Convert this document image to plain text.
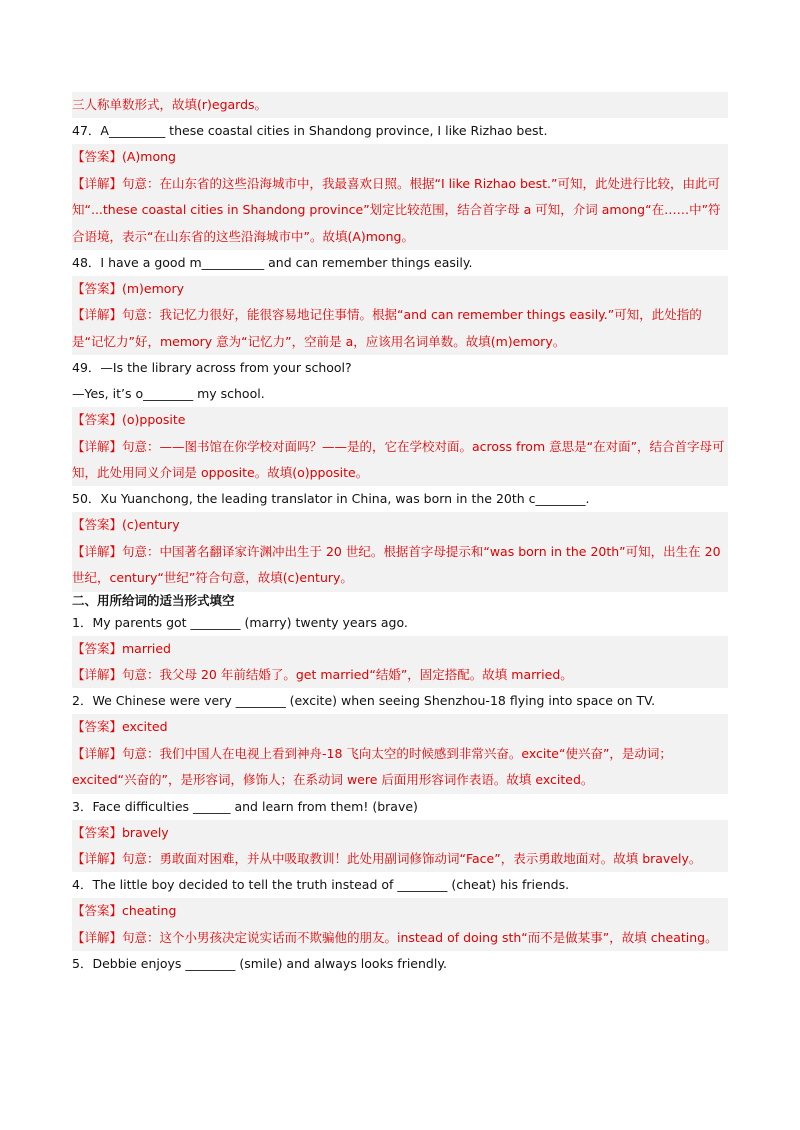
三人称单数形式，故填(r)egards。
47．A_________ these coastal cities in Shandong province, I like Rizhao best.
【答案】(A)mong
【详解】句意：在山东省的这些沿海城市中，我最喜欢日照。根据“I like Rizhao best.”可知，此处进行比较，由此可知“...these coastal cities in Shandong province”划定比较范围，结合首字母 a 可知，介词 among“在……中”符合语境，表示“在山东省的这些沿海城市中”。故填(A)mong。
48．I have a good m__________ and can remember things easily.
【答案】(m)emory
【详解】句意：我记忆力很好，能很容易地记住事情。根据“and can remember things easily.”可知，此处指的是“记忆力”好，memory 意为“记忆力”，空前是 a，应该用名词单数。故填(m)emory。
49．—Is the library across from your school?
—Yes, it’s o________ my school.
【答案】(o)pposite
【详解】句意：——图书馆在你学校对面吗？——是的，它在学校对面。across from 意思是“在对面”，结合首字母可知，此处用同义介词是 opposite。故填(o)pposite。
50．Xu Yuanchong, the leading translator in China, was born in the 20th c________.
【答案】(c)entury
【详解】句意：中国著名翻译家许渊冲出生于 20 世纪。根据首字母提示和“was born in the 20th”可知，出生在 20 世纪，century“世纪”符合句意，故填(c)entury。
二、用所给词的适当形式填空
1．My parents got ________ (marry) twenty years ago.
【答案】married
【详解】句意：我父母 20 年前结婚了。get married“结婚”，固定搭配。故填 married。
2．We Chinese were very ________ (excite) when seeing Shenzhou-18 flying into space on TV.
【答案】excited
【详解】句意：我们中国人在电视上看到神舟-18 飞向太空的时候感到非常兴奋。excite“使兴奋”，是动词；excited“兴奋的”，是形容词，修饰人；在系动词 were 后面用形容词作表语。故填 excited。
3．Face difficulties ______ and learn from them! (brave)
【答案】bravely
【详解】句意：勇敢面对困难，并从中吸取教训！此处用副词修饰动词“Face”，表示勇敢地面对。故填 bravely。
4．The little boy decided to tell the truth instead of ________ (cheat) his friends.
【答案】cheating
【详解】句意：这个小男孩决定说实话而不欺骗他的朋友。instead of doing sth“而不是做某事”，故填 cheating。
5．Debbie enjoys ________ (smile) and always looks friendly.
